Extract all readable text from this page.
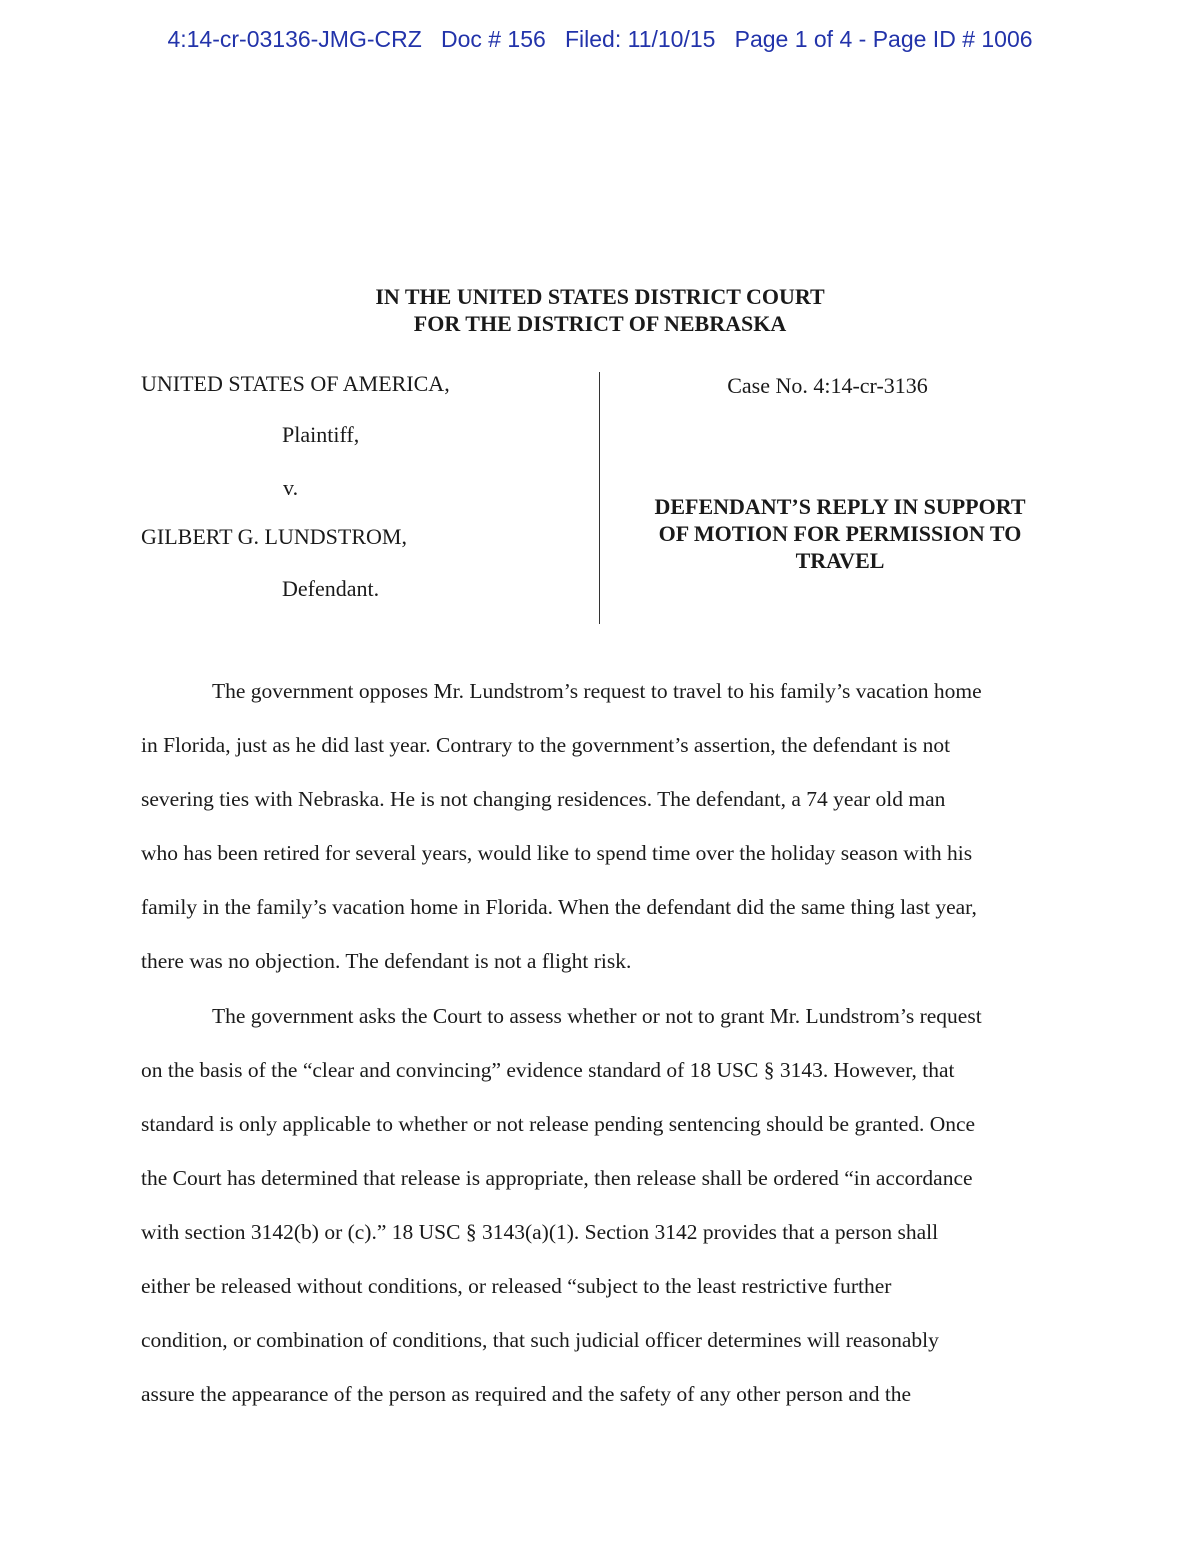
4:14-cr-03136-JMG-CRZ   Doc # 156   Filed: 11/10/15   Page 1 of 4 - Page ID # 1006
IN THE UNITED STATES DISTRICT COURT
FOR THE DISTRICT OF NEBRASKA
UNITED STATES OF AMERICA,
Plaintiff,
v.
GILBERT G. LUNDSTROM,
Defendant.
Case No. 4:14-cr-3136
DEFENDANT’S REPLY IN SUPPORT
OF MOTION FOR PERMISSION TO
TRAVEL
The government opposes Mr. Lundstrom’s request to travel to his family’s vacation home
in Florida, just as he did last year. Contrary to the government’s assertion, the defendant is not
severing ties with Nebraska. He is not changing residences. The defendant, a 74 year old man
who has been retired for several years, would like to spend time over the holiday season with his
family in the family’s vacation home in Florida. When the defendant did the same thing last year,
there was no objection. The defendant is not a flight risk.
The government asks the Court to assess whether or not to grant Mr. Lundstrom’s request
on the basis of the “clear and convincing” evidence standard of 18 USC § 3143. However, that
standard is only applicable to whether or not release pending sentencing should be granted. Once
the Court has determined that release is appropriate, then release shall be ordered “in accordance
with section 3142(b) or (c).” 18 USC § 3143(a)(1). Section 3142 provides that a person shall
either be released without conditions, or released “subject to the least restrictive further
condition, or combination of conditions, that such judicial officer determines will reasonably
assure the appearance of the person as required and the safety of any other person and the
